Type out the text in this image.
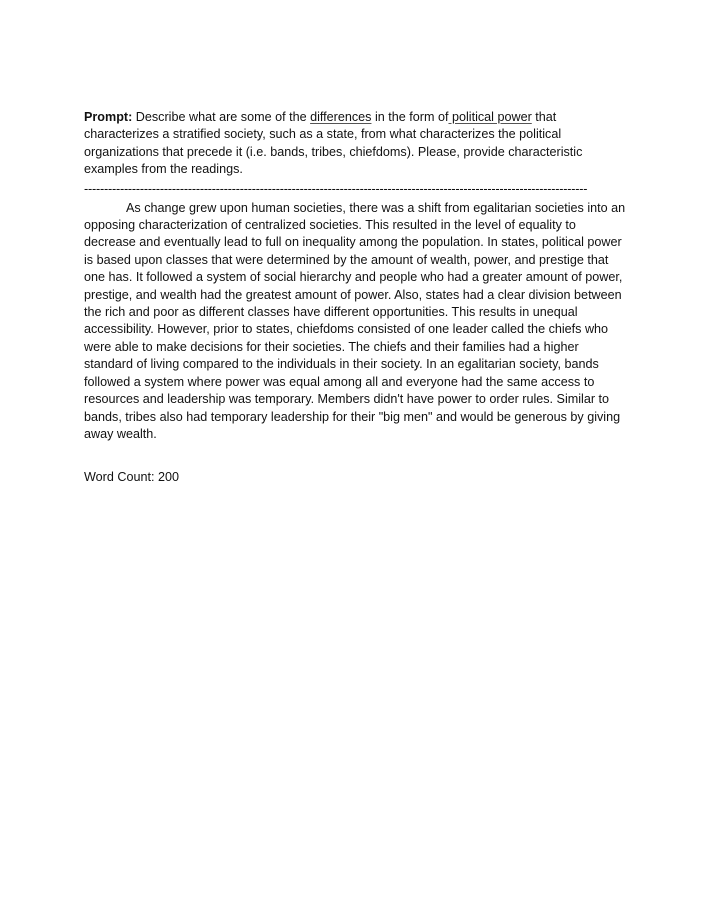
Prompt: Describe what are some of the differences in the form of political power that characterizes a stratified society, such as a state, from what characterizes the political organizations that precede it (i.e. bands, tribes, chiefdoms). Please, provide characteristic examples from the readings.

------------------------------------------------------------------------------------------------------------------------------

As change grew upon human societies, there was a shift from egalitarian societies into an opposing characterization of centralized societies. This resulted in the level of equality to decrease and eventually lead to full on inequality among the population. In states, political power is based upon classes that were determined by the amount of wealth, power, and prestige that one has. It followed a system of social hierarchy and people who had a greater amount of power, prestige, and wealth had the greatest amount of power. Also, states had a clear division between the rich and poor as different classes have different opportunities. This results in unequal accessibility. However, prior to states, chiefdoms consisted of one leader called the chiefs who were able to make decisions for their societies. The chiefs and their families had a higher standard of living compared to the individuals in their society. In an egalitarian society, bands followed a system where power was equal among all and everyone had the same access to resources and leadership was temporary. Members didn't have power to order rules. Similar to bands, tribes also had temporary leadership for their "big men" and would be generous by giving away wealth.

Word Count: 200
